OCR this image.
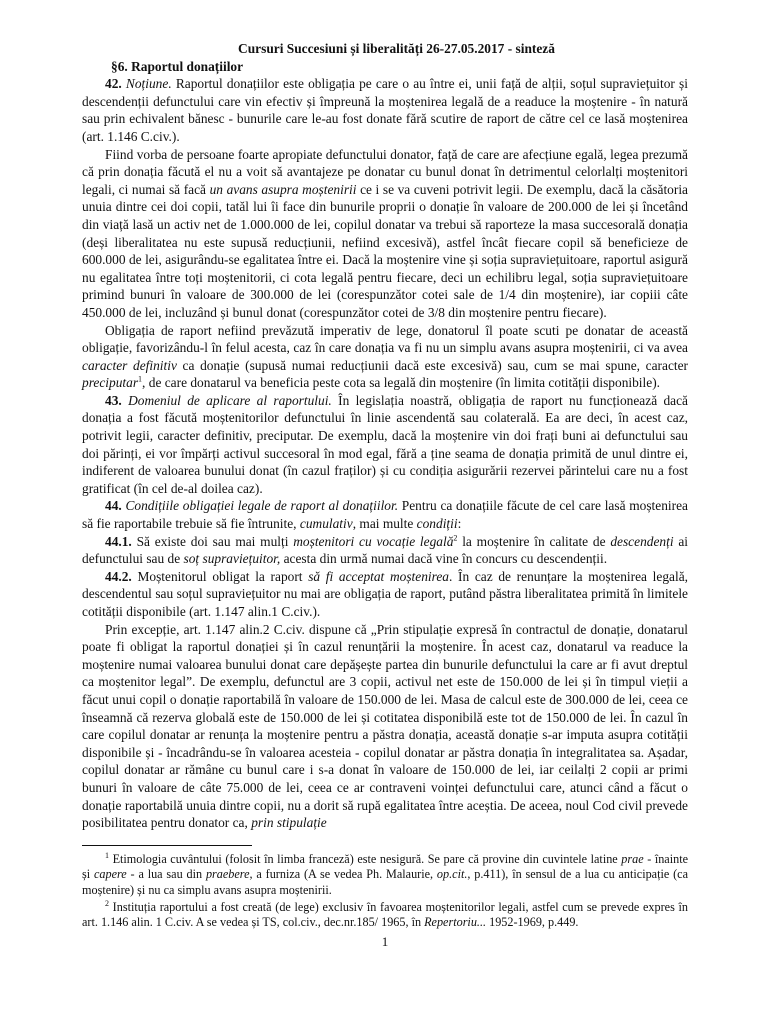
Cursuri Succesiuni și liberalități 26-27.05.2017 - sinteză

§6. Raportul donațiilor

42. Noțiune. Raportul donațiilor este obligația pe care o au între ei, unii față de alții, soțul supraviețuitor și descendenții defunctului care vin efectiv și împreună la moștenirea legală de a readuce la moștenire - în natură sau prin echivalent bănesc - bunurile care le-au fost donate fără scutire de raport de către cel ce lasă moștenirea (art. 1.146 C.civ.).

Fiind vorba de persoane foarte apropiate defunctului donator, față de care are afecțiune egală, legea prezumă că prin donația făcută el nu a voit să avantajeze pe donatar cu bunul donat în detrimentul celorlalți moștenitori legali, ci numai să facă un avans asupra moștenirii ce i se va cuveni potrivit legii. De exemplu, dacă la căsătoria unuia dintre cei doi copii, tatăl lui îi face din bunurile proprii o donație în valoare de 200.000 de lei și încetând din viață lasă un activ net de 1.000.000 de lei, copilul donatar va trebui să raporteze la masa succesorală donația (deși liberalitatea nu este supusă reducțiunii, nefiind excesivă), astfel încât fiecare copil să beneficieze de 600.000 de lei, asigurându-se egalitatea între ei. Dacă la moștenire vine și soția supraviețuitoare, raportul asigură nu egalitatea între toți moștenitorii, ci cota legală pentru fiecare, deci un echilibru legal, soția supraviețuitoare primind bunuri în valoare de 300.000 de lei (corespunzător cotei sale de 1/4 din moștenire), iar copiii câte 450.000 de lei, incluzând și bunul donat (corespunzător cotei de 3/8 din moștenire pentru fiecare).

Obligația de raport nefiind prevăzută imperativ de lege, donatorul îl poate scuti pe donatar de această obligație, favorizându-l în felul acesta, caz în care donația va fi nu un simplu avans asupra moștenirii, ci va avea caracter definitiv ca donație (supusă numai reducțiunii dacă este excesivă) sau, cum se mai spune, caracter preciputar$^1$, de care donatarul va beneficia peste cota sa legală din moștenire (în limita cotității disponibile).

43. Domeniul de aplicare al raportului. În legislația noastră, obligația de raport nu funcționează dacă donația a fost făcută moștenitorilor defunctului în linie ascendentă sau colaterală. Ea are deci, în acest caz, potrivit legii, caracter definitiv, preciputar. De exemplu, dacă la moștenire vin doi frați buni ai defunctului sau doi părinți, ei vor împărți activul succesoral în mod egal, fără a ține seama de donația primită de unul dintre ei, indiferent de valoarea bunului donat (în cazul fraților) și cu condiția asigurării rezervei părintelui care nu a fost gratificat (în cel de-al doilea caz).

44. Condițiile obligației legale de raport al donațiilor. Pentru ca donațiile făcute de cel care lasă moștenirea să fie raportabile trebuie să fie întrunite, cumulativ, mai multe condiții:

44.1. Să existe doi sau mai mulți moștenitori cu vocație legală$^2$ la moștenire în calitate de descendenți ai defunctului sau de soț supraviețuitor, acesta din urmă numai dacă vine în concurs cu descendenții.

44.2. Moștenitorul obligat la raport să fi acceptat moștenirea. În caz de renunțare la moștenirea legală, descendentul sau soțul supraviețuitor nu mai are obligația de raport, putând păstra liberalitatea primită în limitele cotității disponibile (art. 1.147 alin.1 C.civ.).

Prin excepție, art. 1.147 alin.2 C.civ. dispune că „Prin stipulație expresă în contractul de donație, donatarul poate fi obligat la raportul donației și în cazul renunțării la moștenire. În acest caz, donatarul va readuce la moștenire numai valoarea bunului donat care depășește partea din bunurile defunctului la care ar fi avut dreptul ca moștenitor legal”. De exemplu, defunctul are 3 copii, activul net este de 150.000 de lei și în timpul vieții a făcut unui copil o donație raportabilă în valoare de 150.000 de lei. Masa de calcul este de 300.000 de lei, ceea ce înseamnă că rezerva globală este de 150.000 de lei și cotitatea disponibilă este tot de 150.000 de lei. În cazul în care copilul donatar ar renunța la moștenire pentru a păstra donația, această donație s-ar imputa asupra cotității disponibile și - încadrându-se în valoarea acesteia - copilul donatar ar păstra donația în integralitatea sa. Așadar, copilul donatar ar rămâne cu bunul care i s-a donat în valoare de 150.000 de lei, iar ceilalți 2 copii ar primi bunuri în valoare de câte 75.000 de lei, ceea ce ar contraveni voinței defunctului care, atunci când a făcut o donație raportabilă unuia dintre copii, nu a dorit să rupă egalitatea între aceștia. De aceea, noul Cod civil prevede posibilitatea pentru donator ca, prin stipulație

$^1$ Etimologia cuvântului (folosit în limba franceză) este nesigură. Se pare că provine din cuvintele latine prae - înainte și capere - a lua sau din praebere, a furniza (A se vedea Ph. Malaurie, op.cit., p.411), în sensul de a lua cu anticipație (ca moștenire) și nu ca simplu avans asupra moștenirii.

$^2$ Instituția raportului a fost creată (de lege) exclusiv în favoarea moștenitorilor legali, astfel cum se prevede expres în art. 1.146 alin. 1 C.civ. A se vedea și TS, col.civ., dec.nr.185/ 1965, în Repertoriu... 1952-1969, p.449.

1
